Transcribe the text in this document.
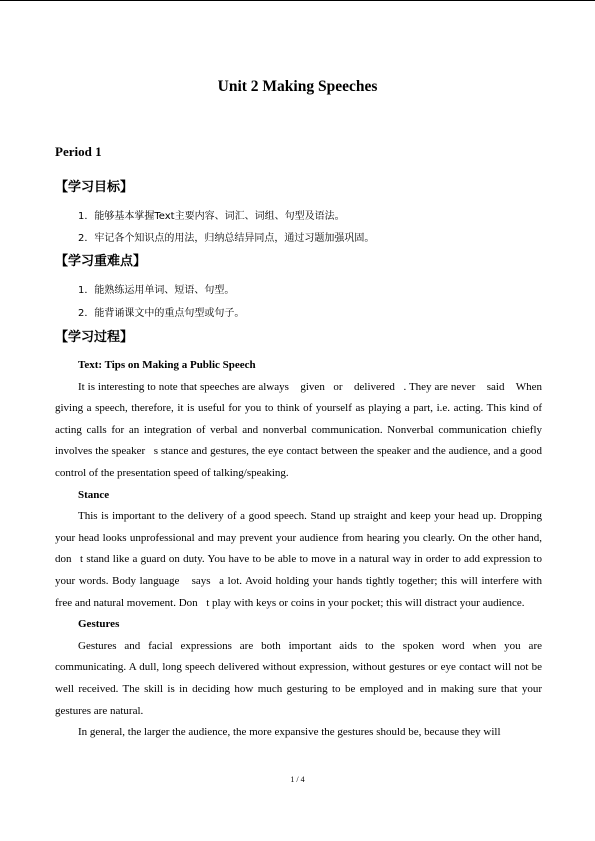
Unit 2 Making Speeches
Period 1
【学习目标】
1．能够基本掌握Text主要内容、词汇、词组、句型及语法。
2．牢记各个知识点的用法，归纳总结异同点，通过习题加强巩固。
【学习重难点】
1．能熟练运用单词、短语、句型。
2．能背诵课文中的重点句型或句子。
【学习过程】

Text: Tips on Making a Public Speech

It is interesting to note that speeches are always  given or  delivered . They are never  said  When giving a speech, therefore, it is useful for you to think of yourself as playing a part, i.e. acting. This kind of acting calls for an integration of verbal and nonverbal communication. Nonverbal communication chiefly involves the speaker s stance and gestures, the eye contact between the speaker and the audience, and a good control of the presentation speed of talking/speaking.

Stance

This is important to the delivery of a good speech. Stand up straight and keep your head up. Dropping your head looks unprofessional and may prevent your audience from hearing you clearly. On the other hand, don t stand like a guard on duty. You have to be able to move in a natural way in order to add expression to your words. Body language  says a lot. Avoid holding your hands tightly together; this will interfere with free and natural movement. Don t play with keys or coins in your pocket; this will distract your audience.

Gestures

Gestures and facial expressions are both important aids to the spoken word when you are communicating. A dull, long speech delivered without expression, without gestures or eye contact will not be well received. The skill is in deciding how much gesturing to be employed and in making sure that your gestures are natural.

In general, the larger the audience, the more expansive the gestures should be, because they will

1 / 4
